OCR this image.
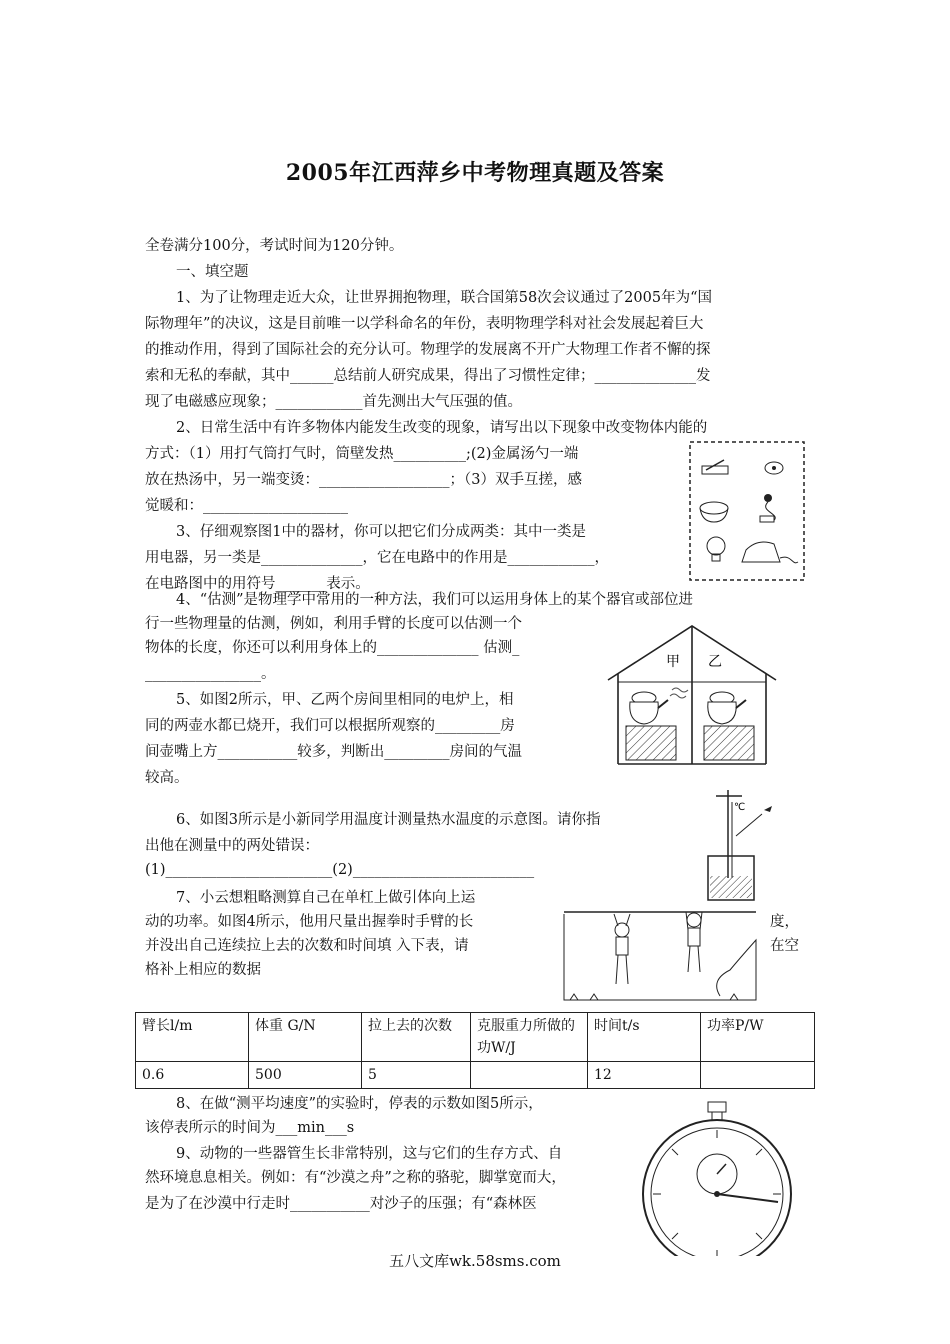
2005年江西萍乡中考物理真题及答案
全卷满分100分，考试时间为120分钟。
一、填空题
1、为了让物理走近大众，让世界拥抱物理，联合国第58次会议通过了2005年为“国
际物理年”的决议，这是目前唯一以学科命名的年份，表明物理学科对社会发展起着巨大
的推动作用，得到了国际社会的充分认可。物理学的发展离不开广大物理工作者不懈的探
索和无私的奉献，其中______总结前人研究成果，得出了习惯性定律；______________发
现了电磁感应现象；____________首先测出大气压强的值。
2、日常生活中有许多物体内能发生改变的现象，请写出以下现象中改变物体内能的
方式：（1）用打气筒打气时，筒壁发热__________;(2)金属汤勺一端
放在热汤中，另一端变烫：__________________；（3）双手互搓，感
觉暖和：____________________
3、仔细观察图1中的器材，你可以把它们分成两类：其中一类是
用电器，另一类是______________，它在电路中的作用是____________，
在电路图中的用符号_______表示。
4、“估测”是物理学中常用的一种方法，我们可以运用身体上的某个器官或部位进
行一些物理量的估测，例如，利用手臂的长度可以估测一个
物体的长度，你还可以利用身体上的______________ 估测_
________________。
5、如图2所示，甲、乙两个房间里相同的电炉上，相
同的两壶水都已烧开，我们可以根据所观察的_________房
间壶嘴上方___________较多，判断出_________房间的气温
较高。
甲 乙
6、如图3所示是小新同学用温度计测量热水温度的示意图。请你指
出他在测量中的两处错误：
(1)_______________________(2)_________________________
℃
7、小云想粗略测算自己在单杠上做引体向上运
动的功率。如图4所示，他用尺量出握拳时手臂的长
并没出自己连续拉上去的次数和时间填 入下表，请
格补上相应的数据
度，
在空
臂长l/m	体重 G/N	拉上去的次数	克服重力所做的功W/J	时间t/s	功率P/W
0.6	500	5		12	
8、在做“测平均速度”的实验时，停表的示数如图5所示，
该停表所示的时间为___min___s
9、动物的一些器管生长非常特别，这与它们的生存方式、自
然环境息息相关。例如：有“沙漠之舟”之称的骆驼，脚掌宽而大，
是为了在沙漠中行走时___________对沙子的压强；有“森林医
五八文库wk.58sms.com
